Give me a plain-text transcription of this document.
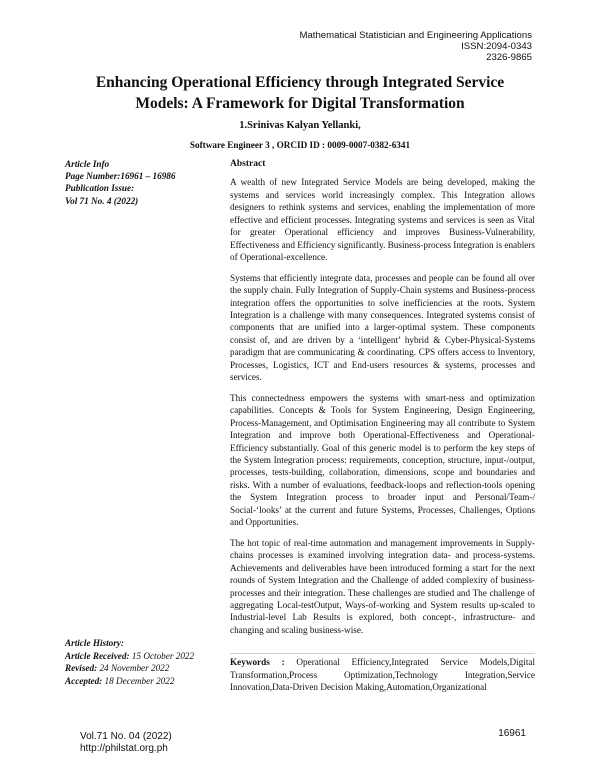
Mathematical Statistician and Engineering Applications
ISSN:2094-0343
2326-9865
Enhancing Operational Efficiency through Integrated Service
Models: A Framework for Digital Transformation
1.Srinivas Kalyan Yellanki,
Software Engineer 3 , ORCID ID : 0009-0007-0382-6341
Article Info
Page Number:16961 – 16986
Publication Issue:
Vol 71 No. 4 (2022)
Abstract

A wealth of new Integrated Service Models are being developed, making the systems and services world increasingly complex. This Integration allows designers to rethink systems and services, enabling the implementation of more effective and efficient processes. Integrating systems and services is seen as Vital for greater Operational efficiency and improves Business-Vulnerability, Effectiveness and Efficiency significantly. Business-process Integration is enablers of Operational-excellence.

Systems that efficiently integrate data, processes and people can be found all over the supply chain. Fully Integration of Supply-Chain systems and Business-process integration offers the opportunities to solve inefficiencies at the roots. System Integration is a challenge with many consequences. Integrated systems consist of components that are unified into a larger-optimal system. These components consist of, and are driven by a ‘intelligent’ hybrid & Cyber-Physical-Systems paradigm that are communicating & coordinating. CPS offers access to Inventory, Processes, Logistics, ICT and End-users resources & systems, processes and services.

This connectedness empowers the systems with smart-ness and optimization capabilities. Concepts & Tools for System Engineering, Design Engineering, Process-Management, and Optimisation Engineering may all contribute to System Integration and improve both Operational-Effectiveness and Operational-Efficiency substantially. Goal of this generic model is to perform the key steps of the System Integration process: requirements, conception, structure, input-/output, processes, tests-building, collaboration, dimensions, scope and boundaries and risks. With a number of evaluations, feedback-loops and reflection-tools opening the System Integration process to broader input and Personal/Team-/ Social-‘looks’ at the current and future Systems, Processes, Challenges, Options and Opportunities.

The hot topic of real-time automation and management improvements in Supply-chains processes is examined involving integration data- and process-systems. Achievements and deliverables have been introduced forming a start for the next rounds of System Integration and the Challenge of added complexity of business-processes and their integration. These challenges are studied and The challenge of aggregating Local-testOutput, Ways-of-working and System results up-scaled to Industrial-level Lab Results is explored, both concept-, infrastructure- and changing and scaling business-wise.

Article History:
Article Received: 15 October 2022
Revised: 24 November 2022
Accepted: 18 December 2022
Keywords : Operational Efficiency,Integrated Service Models,Digital Transformation,Process Optimization,Technology Integration,Service Innovation,Data-Driven Decision Making,Automation,Organizational
Vol.71 No. 04 (2022)
http://philstat.org.ph
16961
